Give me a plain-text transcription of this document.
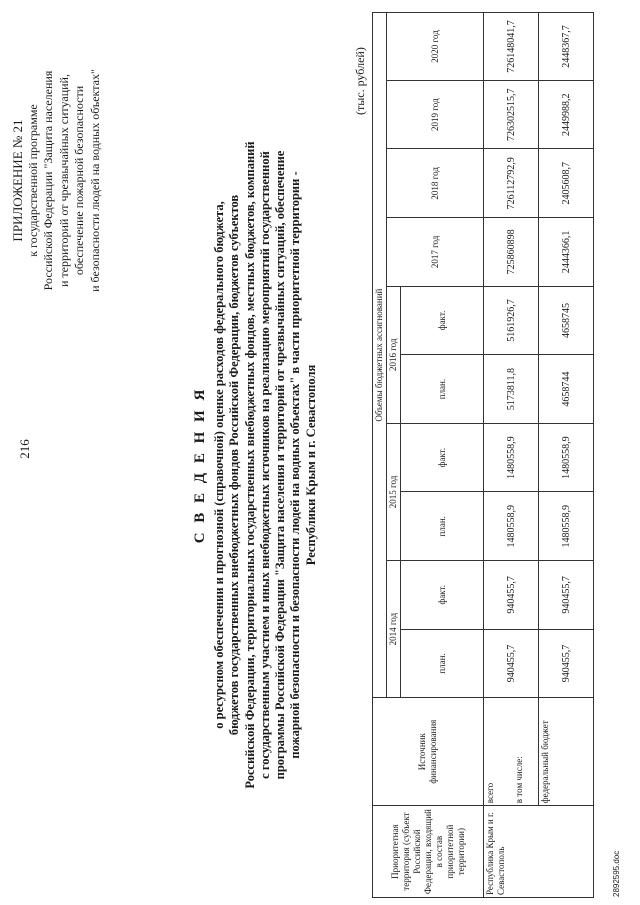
216
ПРИЛОЖЕНИЕ № 21 к государственной программе Российской Федерации "Защита населения и территорий от чрезвычайных ситуаций, обеспечение пожарной безопасности и безопасности людей на водных объектах"
С В Е Д Е Н И Я о ресурсном обеспечении и прогнозной (справочной) оценке расходов федерального бюджета, бюджетов государственных внебюджетных фондов Российской Федерации, бюджетов субъектов Российской Федерации, территориальных государственных внебюджетных фондов, местных бюджетов, компаний с государственным участием и иных внебюджетных источников на реализацию мероприятий государственной программы Российской Федерации "Защита населения и территорий от чрезвычайных ситуаций, обеспечение пожарной безопасности и безопасности людей на водных объектах" в части приоритетной территории - Республики Крым и г. Севастополя
(тыс. рублей)
Приоритетная территория (субъект Российской Федерации, входящий в состав приоритетной территории)	Источник финансирования	Объемы бюджетных ассигнований									
		2014 год		2015 год		2016 год		2017 год	2018 год	2019 год	2020 год
		план.	факт.	план.	факт.	план.	факт.				
Республика Крым и г. Севастополь	всего в том числе:	940455,7	940455,7	1480558,9	1480558,9	5173811,8	5161926,7	725860898	726112792,9	726302515,7	726148041,7
	федеральный бюджет	940455,7	940455,7	1480558,9	1480558,9	4658744	4658745	2444366,1	2405608,7	2449988,2	2448367,7
2892595.doc
